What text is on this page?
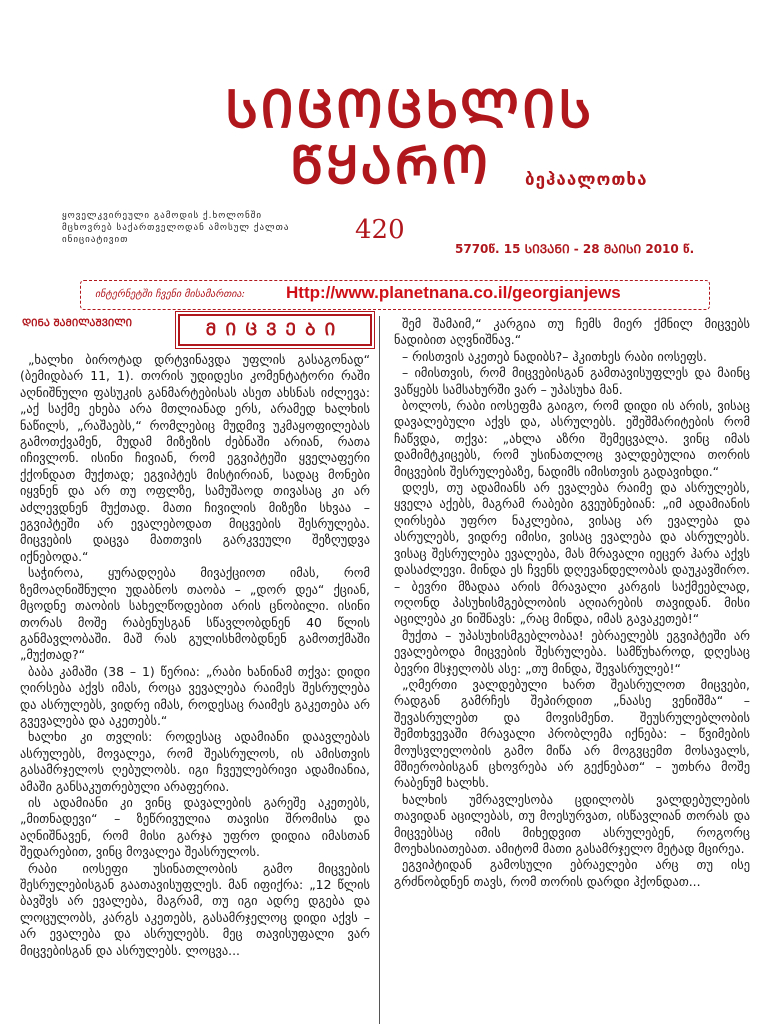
ᲡᲘᲪᲝᲪᲮᲚᲘᲡ
ᲬᲧᲐᲠᲝ ბეჰაალოთხა
ყოველკვირეული გამოდის ქ.ხოლონში მცხოვრებ საქართველოდან ამოსულ ქალთა ინიციატივით	420
5770წ. 15 ᲡᲘᲕᲐᲜᲘ - 28 ᲛᲐᲘᲡᲘ 2010 წ.
ინტერნეტში ჩვენი მისამართია: Http://www.planetnana.co.il/georgianjews
ᲓᲘᲜᲐ ᲨᲐᲛᲘᲚᲐᲨᲕᲘᲚᲘ	ᲛᲘᲪᲕᲔᲑᲘ

„ხალხი ბიროტად დრტვინავდა უფლის გასაგონად“ (ბემიდბარ 11, 1). თორის უდიდესი კომენტატორი რაში აღნიშნული ფასუკის განმარტებისას ასეთ ახსნას იძლევა: „აქ საქმე ეხება არა მთლიანად ერს, არამედ ხალხის ნაწილს, „რაშაებს,“ რომლებიც მუდმივ უკმაყოფილებას გამოთქვამენ, მუდამ მიზეზის ძებნაში არიან, რათა იჩივლონ. ისინი ჩივიან, რომ ეგვიპტეში ყველაფერი ქქონდათ მუქთად; ეგვიპტეს მისტირიან, სადაც მონები იყვნენ და არ თუ ოფლზე, სამუშაოდ თივასაც კი არ აძლევდნენ მუქთად. მათი ჩივილის მიზეზი სხვაა – ეგვიპტეში არ ევალებოდათ მიცვების შესრულება. მიცვების დაცვა მათთვის გარკვეული შეზღუდვა იქნებოდა.“

საჭიროა, ყურადღება მივაქციოთ იმას, რომ ზემოაღნიშნული უდაბნოს თაობა – „დორ დეა“ ქციან, მცოდნე თაობის სახელწოდებით არის ცნობილი. ისინი თორას მოშე რაბენუსგან სწავლობდნენ 40 წლის განმავლობაში. მაშ რას გულისხმობდნენ გამოთქმაში „მუქთად?“

ბაბა კამაში (38 – 1) წერია: „რაბი ხანინამ თქვა: დიდი ღირსება აქვს იმას, როცა ვევალება რაიმეს შესრულება და ასრულებს, ვიდრე იმას, როდესაც რაიმეს გაკეთება არ გვევალება და აკეთებს.“

ხალხი კი თვლის: როდესაც ადამიანი დაავლებას ასრულებს, მოვალეა, რომ შეასრულოს, ის ამისთვის გასამრჯელოს ღებულობს. იგი ჩვეულებრივი ადამიანია, ამაში განსაკუთრებული არაფერია.

ის ადამიანი კი ვინც დავალების გარეშე აკეთებს, „მითნადევი“ – ზეწრივულია თავისი შრომისა და აღნიშნავენ, რომ მისი გარჯა უფრო დიდია იმასთან შედარებით, ვინც მოვალეა შეასრულოს.

რაბი იოსეფი უსინათლობის გამო მიცვების შესრულებისგან გაათავისუფლეს. მან იფიქრა: „12 წლის ბავშვს არ ევალება, მაგრამ, თუ იგი ადრე დგება და ლოცულობს, კარგს აკეთებს, გასამრჯელოც დიდი აქვს – არ ევალება და ასრულებს. მეც თავისუფალი ვარ მიცვებისგან და ასრულებს. ლოცვა...

შემ შამაიმ,“ კარგია თუ ჩემს მიერ ქმნილ მიცვებს ნადიბით აღვნიშნავ.“

– რისთვის აკეთებ ნადიბს?– ჰკითხეს რაბი იოსეფს.

– იმისთვის, რომ მიცვებისგან გამთავისუფლეს და მაინც ვაწყებს სამსახურში ვარ – უპასუხა მან.

ბოლოს, რაბი იოსეფმა გაიგო, რომ დიდი ის არის, ვისაც დავალებული აქვს და, ასრულებს. ეშეშმარიტების რომ ჩაწვდა, თქვა: „ახლა აზრი შემეცვალა. ვინც იმას დამიმტკიცებს, რომ უსინათლოც ვალდებულია თორის მიცვების შესრულებაზე, ნადიმს იმისთვის გადავიხდი.“

დღეს, თუ ადამიანს არ ევალება რაიმე და ასრულებს, ყველა აქებს, მაგრამ რაბები გვეუბნებიან: „იმ ადამიანის ღირსება უფრო ნაკლებია, ვისაც არ ევალება და ასრულებს, ვიდრე იმისი, ვისაც ევალება და ასრულებს. ვისაც შესრულება ევალება, მას მრავალი იეცერ ჰარა აქვს დასაძლევი. მინდა ეს ჩვენს დღევანდელობას დაუკავშირო. – ბევრი მზადაა არის მრავალი კარგის საქმეებლად, ოღონდ პასუხისმგებლობის აღიარების თავიდან. მისი აცილება კი ნიშნავს: „რაც მინდა, იმას გავაკეთებ!“

მუქთა – უპასუხისმგებლობაა! ებრაელებს ეგვიპტეში არ ევალებოდა მიცვების შესრულება. სამწუხაროდ, დღესაც ბევრი მსჯელობს ასე: „თუ მინდა, შევასრულებ!“

„ღმერთი ვალდებული ხართ შეასრულოთ მიცვები, რადგან გამრჩეს შეპირდით „ნაასე ვენიშმა“ – შევასრულებთ და მოვისმენთ. შეუსრულებლობის შემთხვევაში მრავალი პრობლემა იქნება: – წვიმების მოუსვლელობის გამო მიწა არ მოგვცემთ მოსავალს, მშიერობისგან ცხოვრება არ გექნებათ“ – უთხრა მოშე რაბენუმ ხალხს.

ხალხის უმრავლესობა ცდილობს ვალდებულების თავიდან აცილებას, თუ მოესურვათ, ისწავლიან თორას და მიცვებსაც იმის მიხედვით ასრულებენ, როგორც მოეხასიათებათ. ამიტომ მათი გასამრჯელო მეტად მცირეა.

ეგვიპტიდან გამოსული ებრაელები არც თუ ისე გრძნობდნენ თავს, რომ თორის დარდი ჰქონდათ...
